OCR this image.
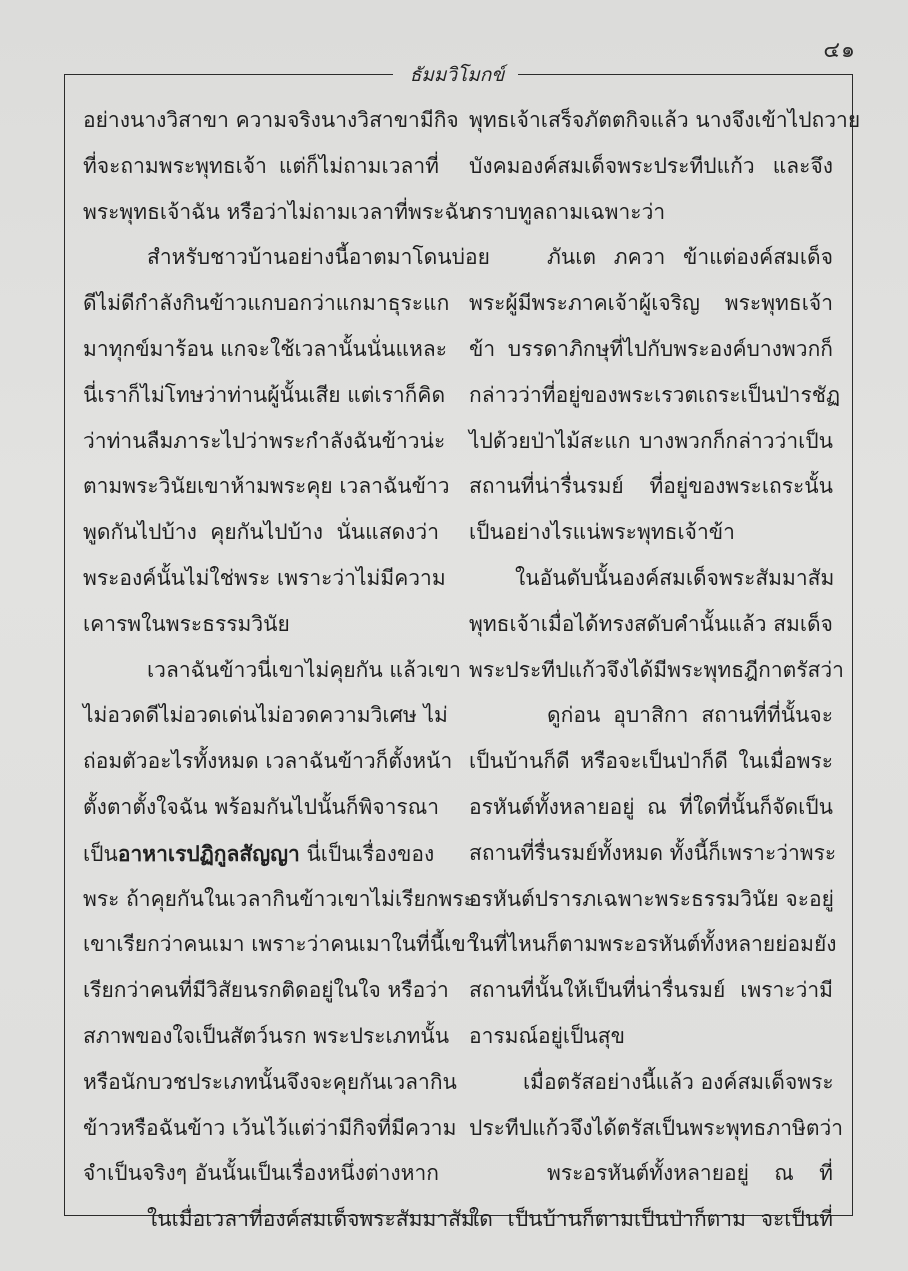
๔๑
ธัมมวิโมกข์
อย่างนางวิสาขา ความจริงนางวิสาขามีกิจ
ที่จะถามพระพุทธเจ้า แต่ก็ไม่ถามเวลาที่
พระพุทธเจ้าฉัน หรือว่าไม่ถามเวลาที่พระฉัน
สำหรับชาวบ้านอย่างนี้อาตมาโดนบ่อย
ดีไม่ดีกำลังกินข้าวแกบอกว่าแกมาธุระแก
มาทุกข์มาร้อน แกจะใช้เวลานั้นนั่นแหละ
นี่เราก็ไม่โทษว่าท่านผู้นั้นเสีย แต่เราก็คิด
ว่าท่านลืมภาระไปว่าพระกำลังฉันข้าวน่ะ
ตามพระวินัยเขาห้ามพระคุย เวลาฉันข้าว
พูดกันไปบ้าง คุยกันไปบ้าง นั่นแสดงว่า
พระองค์นั้นไม่ใช่พระ เพราะว่าไม่มีความ
เคารพในพระธรรมวินัย
เวลาฉันข้าวนี่เขาไม่คุยกัน แล้วเขา
ไม่อวดดีไม่อวดเด่นไม่อวดความวิเศษ ไม่
ถ่อมตัวอะไรทั้งหมด เวลาฉันข้าวก็ตั้งหน้า
ตั้งตาตั้งใจฉัน พร้อมกันไปนั้นก็พิจารณา
เป็นอาหาเรปฏิกูลสัญญา นี่เป็นเรื่องของ
พระ ถ้าคุยกันในเวลากินข้าวเขาไม่เรียกพระ
เขาเรียกว่าคนเมา เพราะว่าคนเมาในที่นี้เขา
เรียกว่าคนที่มีวิสัยนรกติดอยู่ในใจ หรือว่า
สภาพของใจเป็นสัตว์นรก พระประเภทนั้น
หรือนักบวชประเภทนั้นจึงจะคุยกันเวลากิน
ข้าวหรือฉันข้าว เว้นไว้แต่ว่ามีกิจที่มีความ
จำเป็นจริงๆ อันนั้นเป็นเรื่องหนึ่งต่างหาก
ในเมื่อเวลาที่องค์สมเด็จพระสัมมาสัม
พุทธเจ้าเสร็จภัตตกิจแล้ว นางจึงเข้าไปถวาย
บังคมองค์สมเด็จพระประทีปแก้ว และจึง
กราบทูลถามเฉพาะว่า
ภันเต ภควา ข้าแต่องค์สมเด็จ
พระผู้มีพระภาคเจ้าผู้เจริญ พระพุทธเจ้า
ข้า บรรดาภิกษุที่ไปกับพระองค์บางพวกก็
กล่าวว่าที่อยู่ของพระเรวตเถระเป็นป่ารชัฏ
ไปด้วยป่าไม้สะแก บางพวกก็กล่าวว่าเป็น
สถานที่น่ารื่นรมย์ ที่อยู่ของพระเถระนั้น
เป็นอย่างไรแน่พระพุทธเจ้าข้า
ในอันดับนั้นองค์สมเด็จพระสัมมาสัม
พุทธเจ้าเมื่อได้ทรงสดับคำนั้นแล้ว สมเด็จ
พระประทีปแก้วจึงได้มีพระพุทธฎีกาตรัสว่า
ดูก่อน อุบาสิกา สถานที่ที่นั้นจะ
เป็นบ้านก็ดี หรือจะเป็นป่าก็ดี ในเมื่อพระ
อรหันต์ทั้งหลายอยู่ ณ ที่ใดที่นั้นก็จัดเป็น
สถานที่รื่นรมย์ทั้งหมด ทั้งนี้ก็เพราะว่าพระ
อรหันต์ปรารภเฉพาะพระธรรมวินัย จะอยู่
ในที่ไหนก็ตามพระอรหันต์ทั้งหลายย่อมยัง
สถานที่นั้นให้เป็นที่น่ารื่นรมย์ เพราะว่ามี
อารมณ์อยู่เป็นสุข
เมื่อตรัสอย่างนี้แล้ว องค์สมเด็จพระ
ประทีปแก้วจึงได้ตรัสเป็นพระพุทธภาษิตว่า
พระอรหันต์ทั้งหลายอยู่ ณ ที่
ใด เป็นบ้านก็ตามเป็นป่าก็ตาม จะเป็นที่
